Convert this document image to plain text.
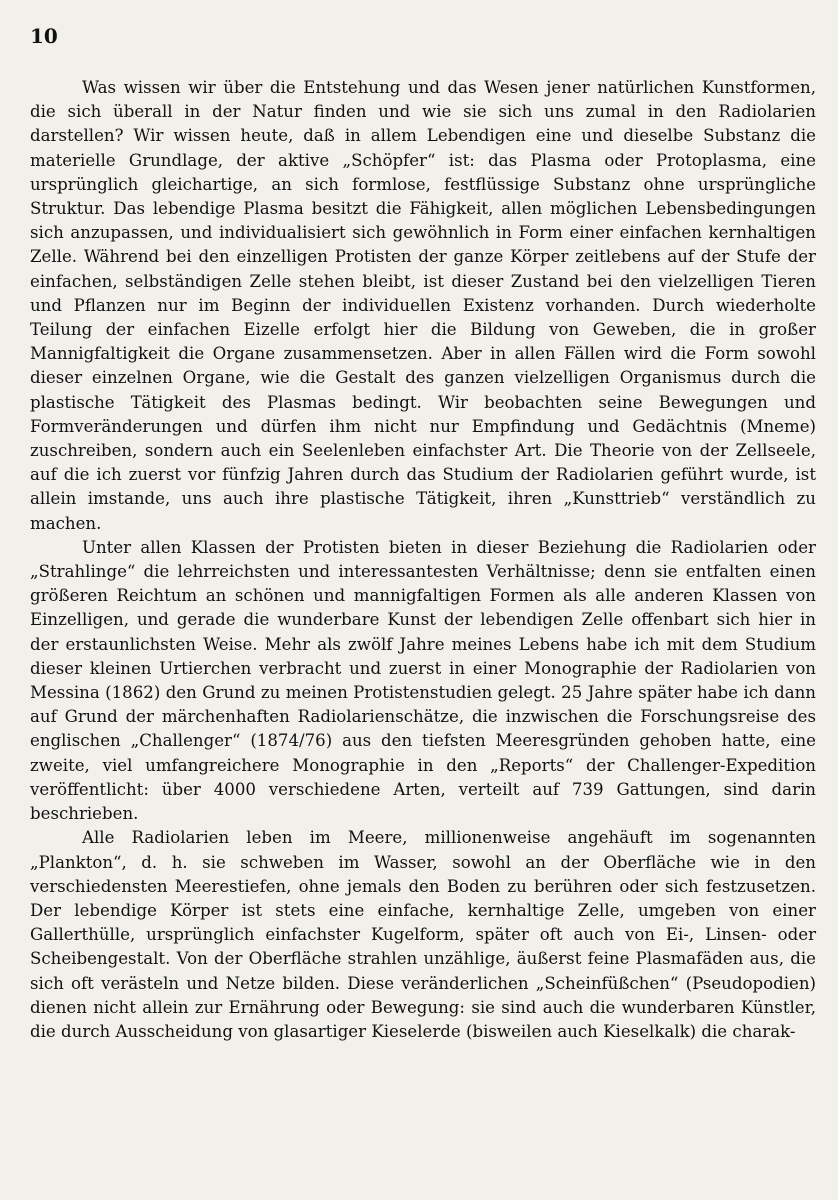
10

Was wissen wir über die Entstehung und das Wesen jener natürlichen Kunstformen, die sich überall in der Natur finden und wie sie sich uns zumal in den Radiolarien darstellen? Wir wissen heute, daß in allem Lebendigen eine und dieselbe Substanz die materielle Grundlage, der aktive „Schöpfer“ ist: das Plasma oder Protoplasma, eine ursprünglich gleichartige, an sich formlose, festflüssige Substanz ohne ursprüngliche Struktur. Das lebendige Plasma besitzt die Fähigkeit, allen möglichen Lebensbedingungen sich anzupassen, und individualisiert sich gewöhnlich in Form einer einfachen kernhaltigen Zelle. Während bei den einzelligen Protisten der ganze Körper zeitlebens auf der Stufe der einfachen, selbständigen Zelle stehen bleibt, ist dieser Zustand bei den vielzelligen Tieren und Pflanzen nur im Beginn der individuellen Existenz vorhanden. Durch wiederholte Teilung der einfachen Eizelle erfolgt hier die Bildung von Geweben, die in großer Mannigfaltigkeit die Organe zusammensetzen. Aber in allen Fällen wird die Form sowohl dieser einzelnen Organe, wie die Gestalt des ganzen vielzelligen Organismus durch die plastische Tätigkeit des Plasmas bedingt. Wir beobachten seine Bewegungen und Formveränderungen und dürfen ihm nicht nur Empfindung und Gedächtnis (Mneme) zuschreiben, sondern auch ein Seelenleben einfachster Art. Die Theorie von der Zellseele, auf die ich zuerst vor fünfzig Jahren durch das Studium der Radiolarien geführt wurde, ist allein imstande, uns auch ihre plastische Tätigkeit, ihren „Kunsttrieb“ verständlich zu machen.

Unter allen Klassen der Protisten bieten in dieser Beziehung die Radiolarien oder „Strahlinge“ die lehrreichsten und interessantesten Verhältnisse; denn sie entfalten einen größeren Reichtum an schönen und mannigfaltigen Formen als alle anderen Klassen von Einzelligen, und gerade die wunderbare Kunst der lebendigen Zelle offenbart sich hier in der erstaunlichsten Weise. Mehr als zwölf Jahre meines Lebens habe ich mit dem Studium dieser kleinen Urtierchen verbracht und zuerst in einer Monographie der Radiolarien von Messina (1862) den Grund zu meinen Protistenstudien gelegt. 25 Jahre später habe ich dann auf Grund der märchenhaften Radiolarienschätze, die inzwischen die Forschungsreise des englischen „Challenger“ (1874/76) aus den tiefsten Meeresgründen gehoben hatte, eine zweite, viel umfangreichere Monographie in den „Reports“ der Challenger-Expedition veröffentlicht: über 4000 verschiedene Arten, verteilt auf 739 Gattungen, sind darin beschrieben.

Alle Radiolarien leben im Meere, millionenweise angehäuft im sogenannten „Plankton“, d. h. sie schweben im Wasser, sowohl an der Oberfläche wie in den verschiedensten Meerestiefen, ohne jemals den Boden zu berühren oder sich festzusetzen. Der lebendige Körper ist stets eine einfache, kernhaltige Zelle, umgeben von einer Gallerthülle, ursprünglich einfachster Kugelform, später oft auch von Ei-, Linsen- oder Scheibengestalt. Von der Oberfläche strahlen unzählige, äußerst feine Plasmafäden aus, die sich oft verästeln und Netze bilden. Diese veränderlichen „Scheinfüßchen“ (Pseudopodien) dienen nicht allein zur Ernährung oder Bewegung: sie sind auch die wunderbaren Künstler, die durch Ausscheidung von glasartiger Kieselerde (bisweilen auch Kieselkalk) die charak-
